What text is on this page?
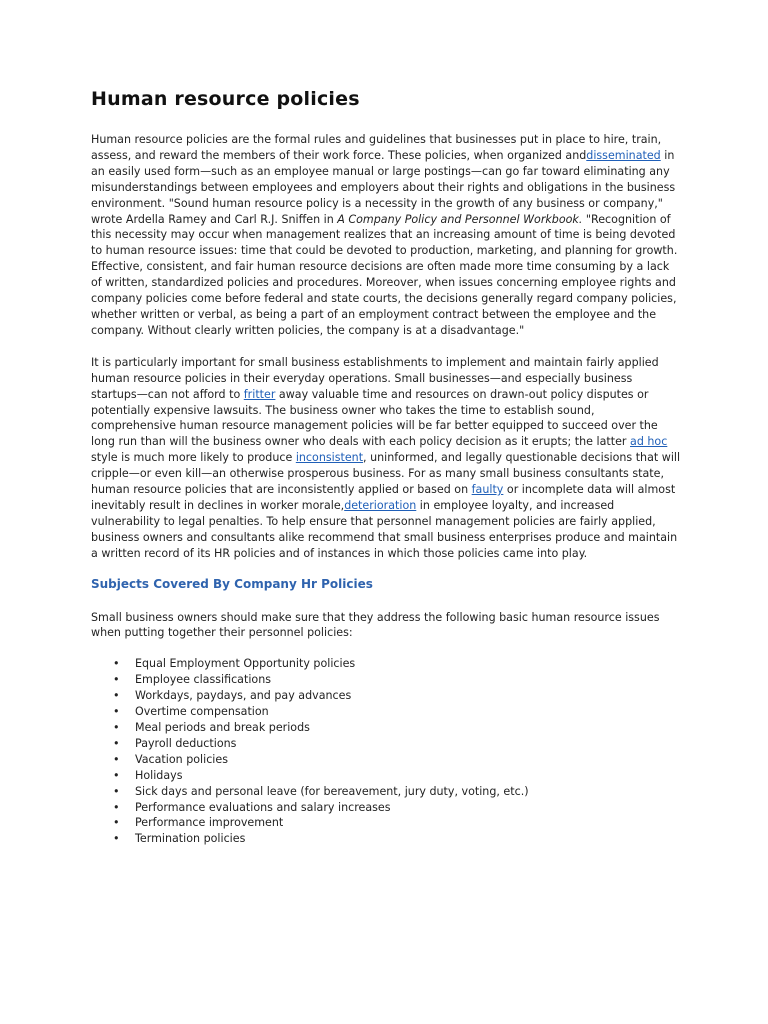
Human resource policies

Human resource policies are the formal rules and guidelines that businesses put in place to hire, train, assess, and reward the members of their work force. These policies, when organized anddisseminated in an easily used form—such as an employee manual or large postings—can go far toward eliminating any misunderstandings between employees and employers about their rights and obligations in the business environment. "Sound human resource policy is a necessity in the growth of any business or company," wrote Ardella Ramey and Carl R.J. Sniffen in A Company Policy and Personnel Workbook. "Recognition of this necessity may occur when management realizes that an increasing amount of time is being devoted to human resource issues: time that could be devoted to production, marketing, and planning for growth. Effective, consistent, and fair human resource decisions are often made more time consuming by a lack of written, standardized policies and procedures. Moreover, when issues concerning employee rights and company policies come before federal and state courts, the decisions generally regard company policies, whether written or verbal, as being a part of an employment contract between the employee and the company. Without clearly written policies, the company is at a disadvantage."

It is particularly important for small business establishments to implement and maintain fairly applied human resource policies in their everyday operations. Small businesses—and especially business startups—can not afford to fritter away valuable time and resources on drawn-out policy disputes or potentially expensive lawsuits. The business owner who takes the time to establish sound, comprehensive human resource management policies will be far better equipped to succeed over the long run than will the business owner who deals with each policy decision as it erupts; the latter ad hoc style is much more likely to produce inconsistent, uninformed, and legally questionable decisions that will cripple—or even kill—an otherwise prosperous business. For as many small business consultants state, human resource policies that are inconsistently applied or based on faulty or incomplete data will almost inevitably result in declines in worker morale,deterioration in employee loyalty, and increased vulnerability to legal penalties. To help ensure that personnel management policies are fairly applied, business owners and consultants alike recommend that small business enterprises produce and maintain a written record of its HR policies and of instances in which those policies came into play.

Subjects Covered By Company Hr Policies

Small business owners should make sure that they address the following basic human resource issues when putting together their personnel policies:

• Equal Employment Opportunity policies
• Employee classifications
• Workdays, paydays, and pay advances
• Overtime compensation
• Meal periods and break periods
• Payroll deductions
• Vacation policies
• Holidays
• Sick days and personal leave (for bereavement, jury duty, voting, etc.)
• Performance evaluations and salary increases
• Performance improvement
• Termination policies
